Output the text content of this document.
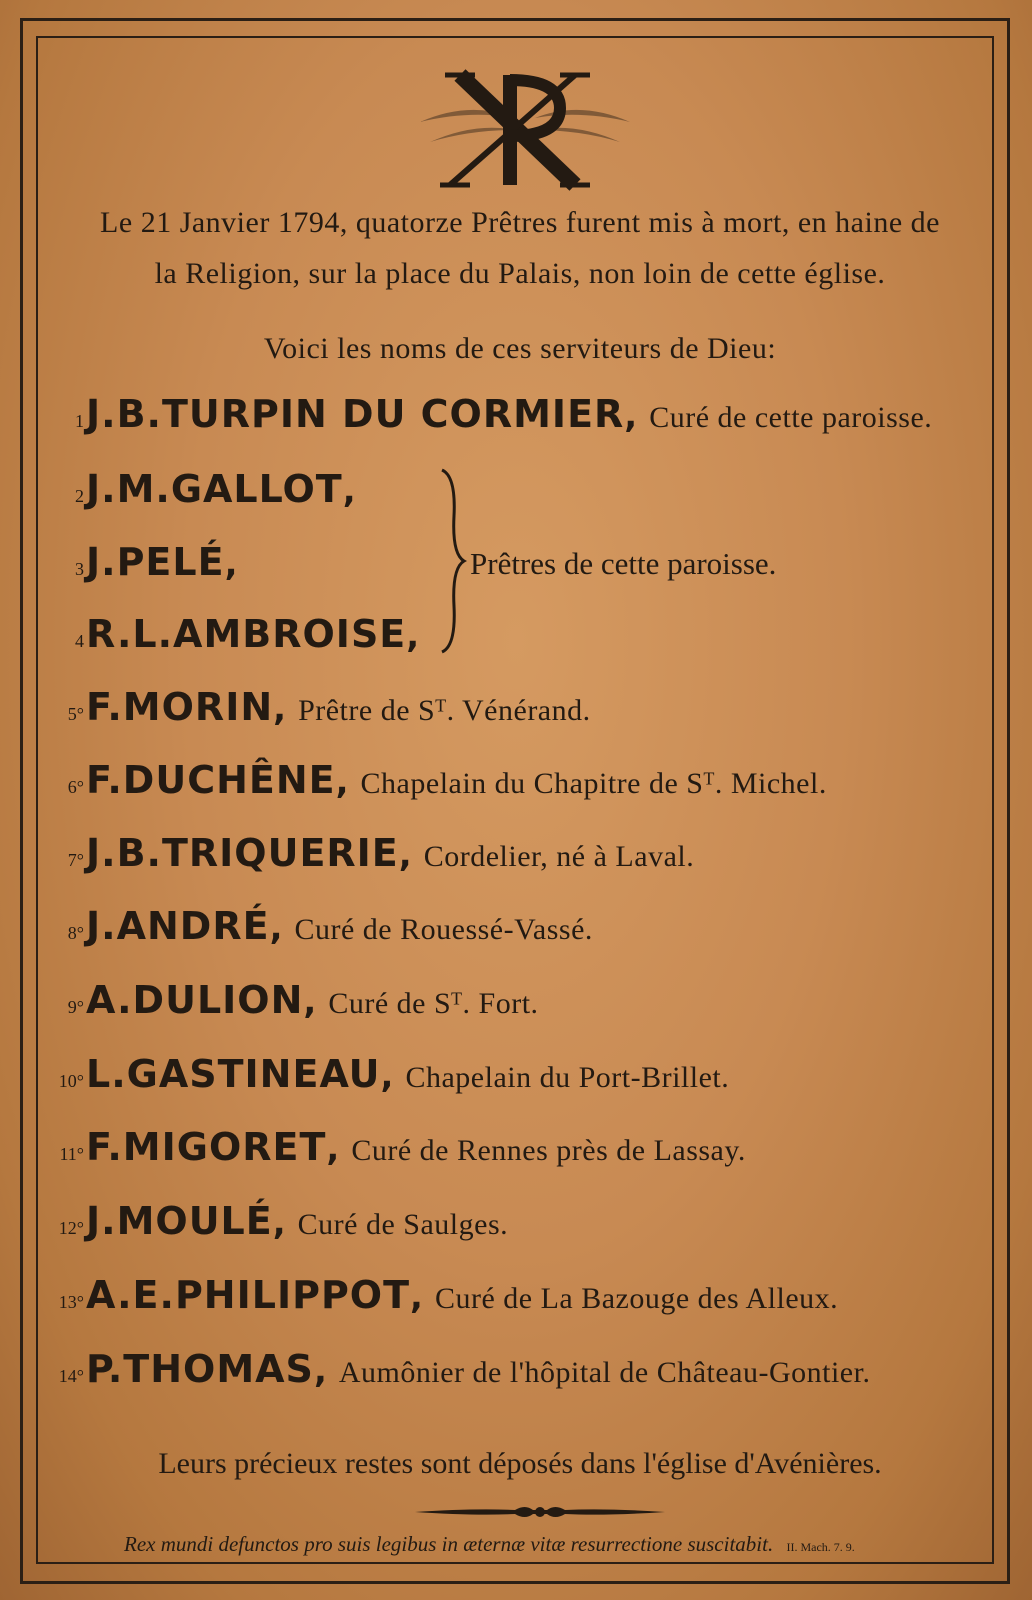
Le 21 Janvier 1794, quatorze Prêtres furent mis à mort, en haine de
la Religion, sur la place du Palais, non loin de cette église.
Voici les noms de ces serviteurs de Dieu:
1 J.B.TURPIN DU CORMIER , Curé de cette paroisse.
2 J.M.GALLOT ,
3 J.PELÉ ,
4 R.L.AMBROISE ,
Prêtres de cette paroisse.
5° F.MORIN , Prêtre de Sᵀ. Vénérand.
6° F.DUCHÊNE , Chapelain du Chapitre de Sᵀ. Michel.
7° J.B.TRIQUERIE , Cordelier, né à Laval.
8° J.ANDRÉ , Curé de Rouessé-Vassé.
9° A.DULION , Curé de Sᵀ. Fort.
10° L.GASTINEAU , Chapelain du Port-Brillet.
11° F.MIGORET , Curé de Rennes près de Lassay.
12° J.MOULÉ , Curé de Saulges.
13° A.E.PHILIPPOT , Curé de La Bazouge des Alleux.
14° P.THOMAS , Aumônier de l'hôpital de Château-Gontier.
Leurs précieux restes sont déposés dans l'église d'Avénières.
Rex mundi defunctos pro suis legibus in æternæ vitæ resurrectione suscitabit. II. Mach. 7. 9.
